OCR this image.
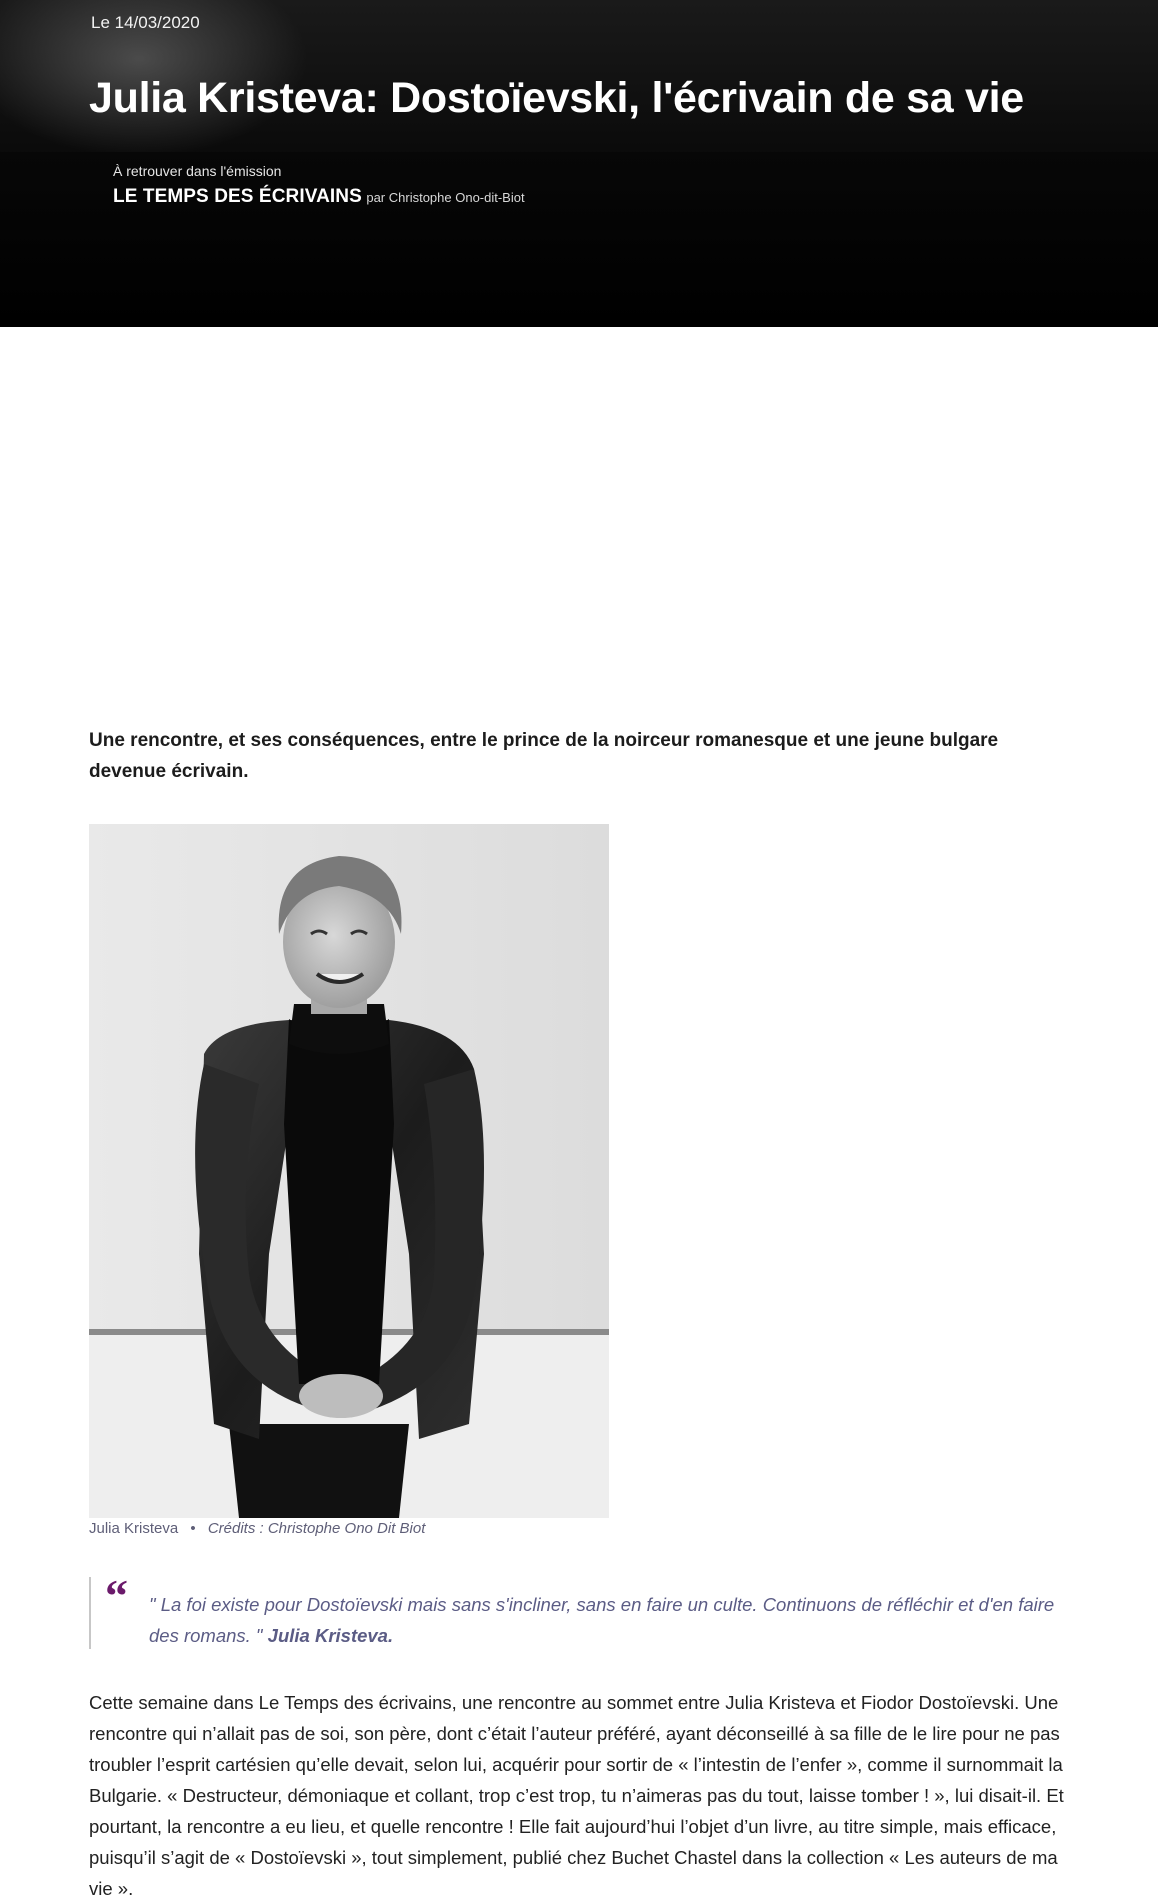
Le 14/03/2020
Julia Kristeva: Dostoïevski, l'écrivain de sa vie
À retrouver dans l'émission
LE TEMPS DES ÉCRIVAINS par Christophe Ono-dit-Biot

Une rencontre, et ses conséquences, entre le prince de la noirceur romanesque et une jeune bulgare devenue écrivain.

Julia Kristeva • Crédits : Christophe Ono Dit Biot
“ " La foi existe pour Dostoïevski mais sans s'incliner, sans en faire un culte. Continuons de réfléchir et d'en faire des romans. " Julia Kristeva.

Cette semaine dans Le Temps des écrivains, une rencontre au sommet entre Julia Kristeva et Fiodor Dostoïevski. Une rencontre qui n’allait pas de soi, son père, dont c’était l’auteur préféré, ayant déconseillé à sa fille de le lire pour ne pas troubler l’esprit cartésien qu’elle devait, selon lui, acquérir pour sortir de « l’intestin de l’enfer », comme il surnommait la Bulgarie. « Destructeur, démoniaque et collant, trop c’est trop, tu n’aimeras pas du tout, laisse tomber ! », lui disait-il. Et pourtant, la rencontre a eu lieu, et quelle rencontre ! Elle fait aujourd’hui l’objet d’un livre, au titre simple, mais efficace, puisqu’il s’agit de « Dostoïevski », tout simplement, publié chez Buchet Chastel dans la collection « Les auteurs de ma vie ».
